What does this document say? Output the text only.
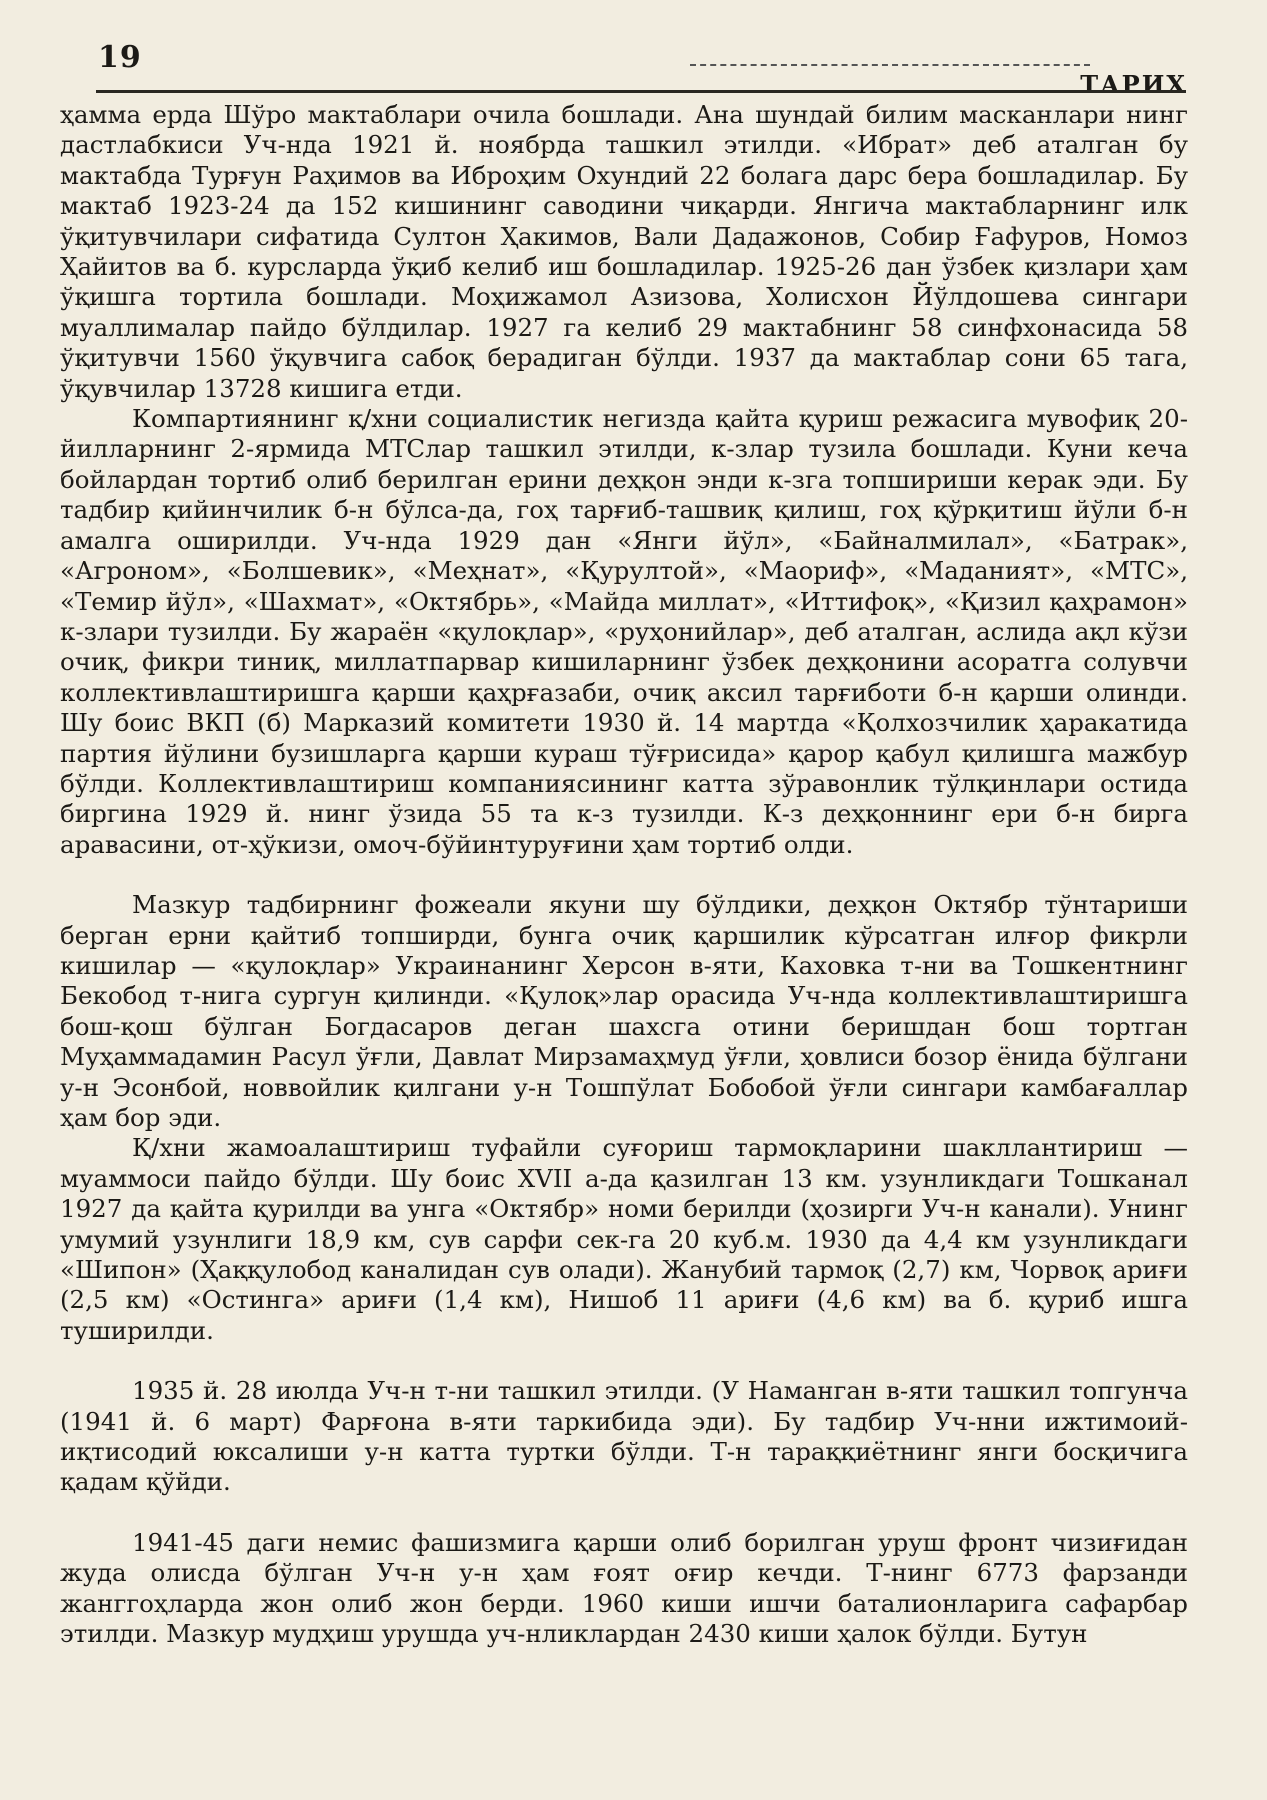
19
ТАРИХ

ҳамма ерда Шўро мактаблари очила бошлади. Ана шундай билим масканлари нинг дастлабкиси Уч-нда 1921 й. ноябрда ташкил этилди. «Ибрат» деб аталган бу мактабда Турғун Раҳимов ва Иброҳим Охундий 22 болага дарс бера бошладилар. Бу мактаб 1923-24 да 152 кишининг саводини чиқарди. Янгича мактабларнинг илк ўқитувчилари сифатида Султон Ҳакимов, Вали Дадажонов, Собир Ғафуров, Номоз Ҳайитов ва б. курсларда ўқиб келиб иш бошладилар. 1925-26 дан ўзбек қизлари ҳам ўқишга тортила бошлади. Моҳижамол Азизова, Холисхон Йўлдошева сингари муаллималар пайдо бўлдилар. 1927 га келиб 29 мактабнинг 58 синфхонасида 58 ўқитувчи 1560 ўқувчига сабоқ берадиган бўлди. 1937 да мактаблар сони 65 тага, ўқувчилар 13728 кишига етди.

Компартиянинг қ/хни социалистик негизда қайта қуриш режасига мувофиқ 20-йилларнинг 2-ярмида МТСлар ташкил этилди, к-злар тузила бошлади. Куни кеча бойлардан тортиб олиб берилган ерини деҳқон энди к-зга топшириши керак эди. Бу тадбир қийинчилик б-н бўлса-да, гоҳ тарғиб-ташвиқ қилиш, гоҳ қўрқитиш йўли б-н амалга оширилди. Уч-нда 1929 дан «Янги йўл», «Байналмилал», «Батрак», «Агроном», «Болшевик», «Меҳнат», «Қурултой», «Маориф», «Маданият», «МТС», «Темир йўл», «Шахмат», «Октябрь», «Майда миллат», «Иттифоқ», «Қизил қаҳрамон» к-злари тузилди. Бу жараён «қулоқлар», «руҳонийлар», деб аталган, аслида ақл кўзи очиқ, фикри тиниқ, миллатпарвар кишиларнинг ўзбек деҳқонини асоратга солувчи коллективлаштиришга қарши қаҳрғазаби, очиқ аксил тарғиботи б-н қарши олинди. Шу боис ВКП (б) Марказий комитети 1930 й. 14 мартда «Қолхозчилик ҳаракатида партия йўлини бузишларга қарши кураш тўғрисида» қарор қабул қилишга мажбур бўлди. Коллективлаштириш компаниясининг катта зўравонлик тўлқинлари остида биргина 1929 й. нинг ўзида 55 та к-з тузилди. К-з деҳқоннинг ери б-н бирга аравасини, от-ҳўкизи, омоч-бўйинтуруғини ҳам тортиб олди.

Мазкур тадбирнинг фожеали якуни шу бўлдики, деҳқон Октябр тўнтариши берган ерни қайтиб топширди, бунга очиқ қаршилик кўрсатган илғор фикрли кишилар — «қулоқлар» Украинанинг Херсон в-яти, Каховка т-ни ва Тошкентнинг Бекобод т-нига сургун қилинди. «Қулоқ»лар орасида Уч-нда коллективлаштиришга бош-қош бўлган Богдасаров деган шахсга отини беришдан бош тортган Муҳаммадамин Расул ўғли, Давлат Мирзамаҳмуд ўғли, ҳовлиси бозор ёнида бўлгани у-н Эсонбой, новвойлик қилгани у-н Тошпўлат Бобобой ўғли сингари камбағаллар ҳам бор эди.

Қ/хни жамоалаштириш туфайли суғориш тармоқларини шакллантириш — муаммоси пайдо бўлди. Шу боис XVII а-да қазилган 13 км. узунликдаги Тошканал 1927 да қайта қурилди ва унга «Октябр» номи берилди (ҳозирги Уч-н канали). Унинг умумий узунлиги 18,9 км, сув сарфи сек-га 20 куб.м. 1930 да 4,4 км узунликдаги «Шипон» (Ҳаққулобод каналидан сув олади). Жанубий тармоқ (2,7) км, Чорвоқ ариғи (2,5 км) «Остинга» ариғи (1,4 км), Нишоб 11 ариғи (4,6 км) ва б. қуриб ишга туширилди.

1935 й. 28 июлда Уч-н т-ни ташкил этилди. (У Наманган в-яти ташкил топгунча (1941 й. 6 март) Фарғона в-яти таркибида эди). Бу тадбир Уч-нни ижтимоий-иқтисодий юксалиши у-н катта туртки бўлди. Т-н тараққиётнинг янги босқичига қадам қўйди.

1941-45 даги немис фашизмига қарши олиб борилган уруш фронт чизиғидан жуда олисда бўлган Уч-н у-н ҳам ғоят оғир кечди. Т-нинг 6773 фарзанди жанггоҳларда жон олиб жон берди. 1960 киши ишчи баталионларига сафарбар этилди. Мазкур мудҳиш урушда уч-нликлардан 2430 киши ҳалок бўлди. Бутун
